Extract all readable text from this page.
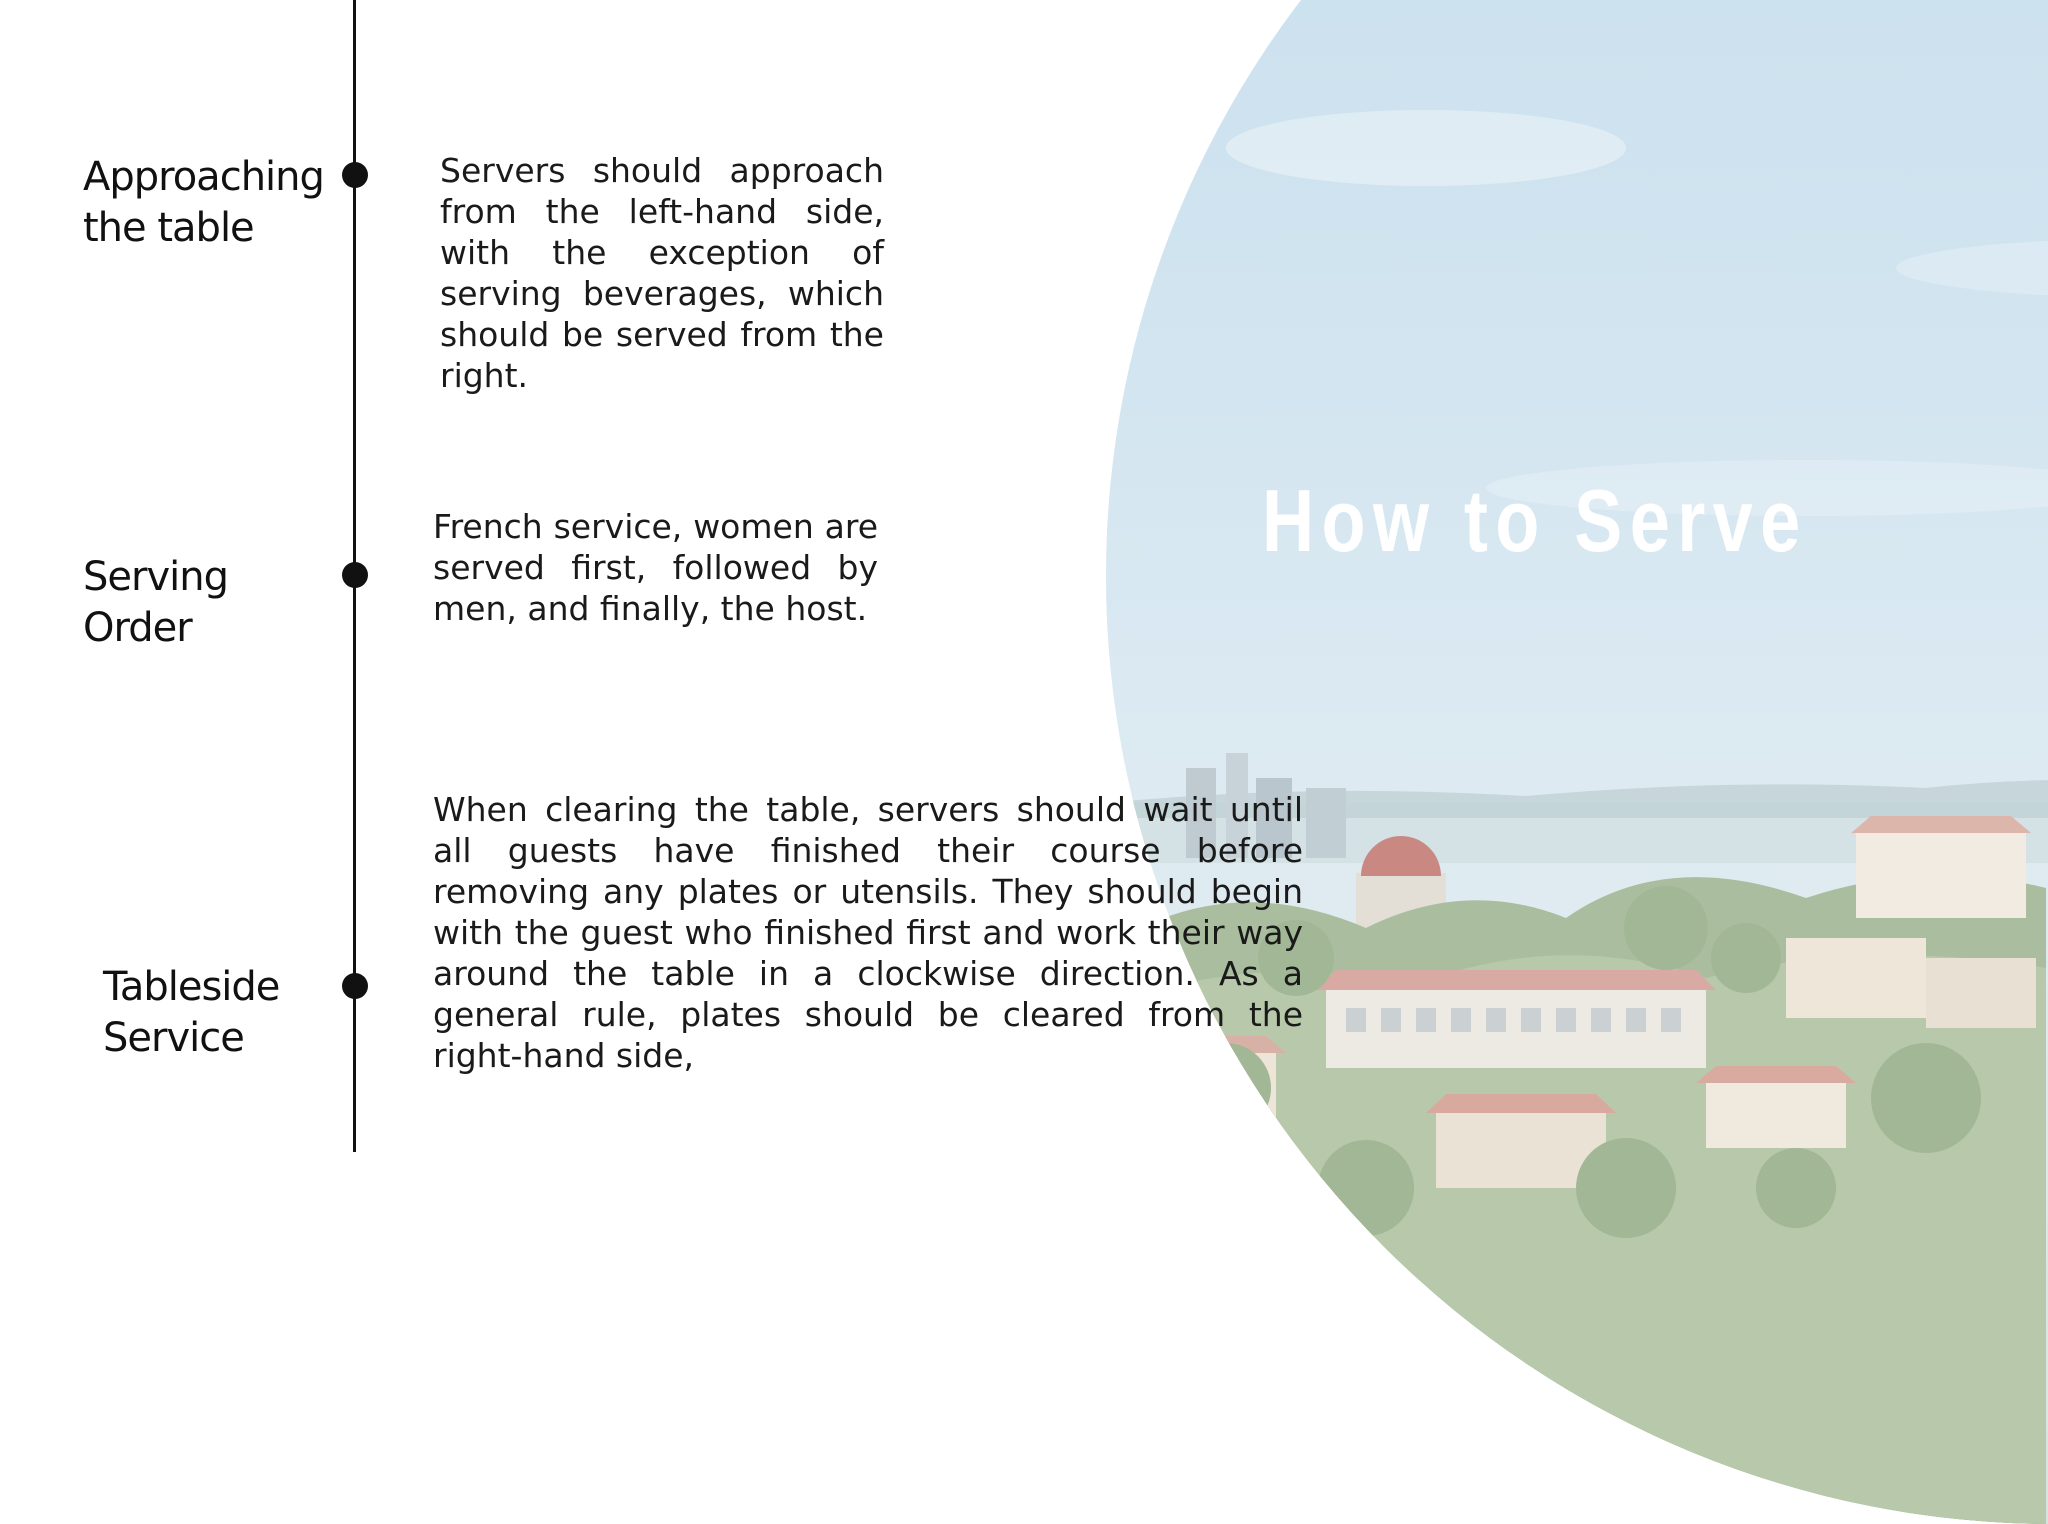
How to Serve
Approaching the table

Servers should approach from the left-hand side, with the exception of serving beverages, which should be served from the right.

Serving Order

French service, women are served first, followed by men, and finally, the host.

Tableside Service

When clearing the table, servers should wait until all guests have finished their course before removing any plates or utensils. They should begin with the guest who finished first and work their way around the table in a clockwise direction. As a general rule, plates should be cleared from the right-hand side,
